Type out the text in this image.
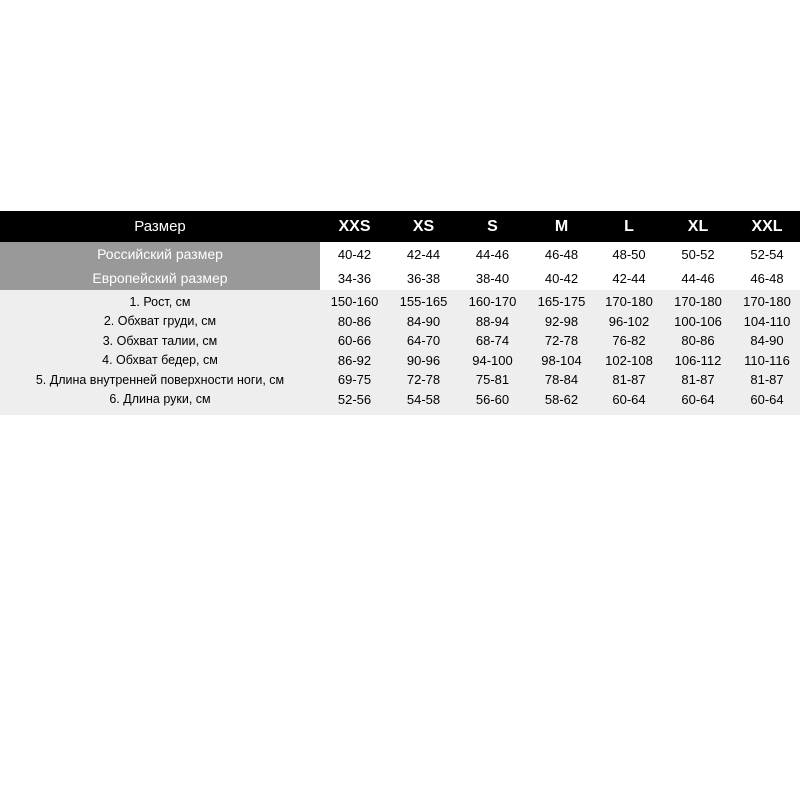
Размер	XXS	XS	S	M	L	XL	XXL
Российский размер	40-42	42-44	44-46	46-48	48-50	50-52	52-54
Европейский размер	34-36	36-38	38-40	40-42	42-44	44-46	46-48
1. Рост, см	150-160	155-165	160-170	165-175	170-180	170-180	170-180
2. Обхват груди, см	80-86	84-90	88-94	92-98	96-102	100-106	104-110
3. Обхват талии, см	60-66	64-70	68-74	72-78	76-82	80-86	84-90
4. Обхват бедер, см	86-92	90-96	94-100	98-104	102-108	106-112	110-116
5. Длина внутренней поверхности ноги, см	69-75	72-78	75-81	78-84	81-87	81-87	81-87
6. Длина руки, см	52-56	54-58	56-60	58-62	60-64	60-64	60-64
